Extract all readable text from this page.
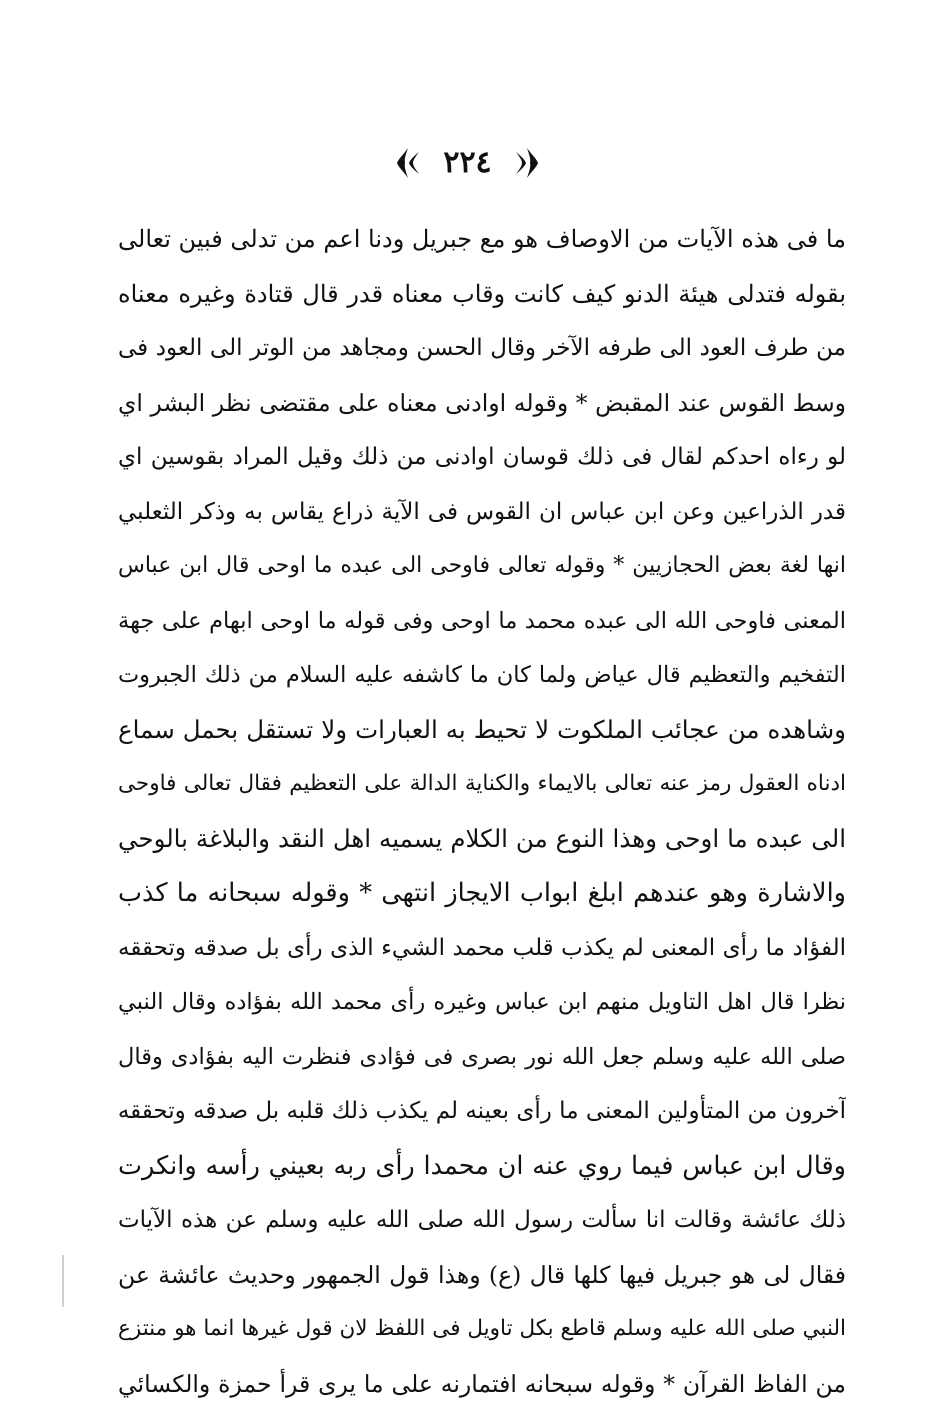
٢٢٤
ما فى هذه الآيات من الاوصاف هو مع جبريل ودنا اعم من تدلى فبين تعالى
بقوله فتدلى هيئة الدنو كيف كانت وقاب معناه قدر قال قتادة وغيره معناه
من طرف العود الى طرفه الآخر وقال الحسن ومجاهد من الوتر الى العود فى
وسط القوس عند المقبض * وقوله اوادنى معناه على مقتضى نظر البشر اي
لو رءاه احدكم لقال فى ذلك قوسان اوادنى من ذلك وقيل المراد بقوسين اي
قدر الذراعين وعن ابن عباس ان القوس فى الآية ذراع يقاس به وذكر الثعلبي
انها لغة بعض الحجازيين * وقوله تعالى فاوحى الى عبده ما اوحى قال ابن عباس
المعنى فاوحى الله الى عبده محمد ما اوحى وفى قوله ما اوحى ابهام على جهة
التفخيم والتعظيم قال عياض ولما كان ما كاشفه عليه السلام من ذلك الجبروت
وشاهده من عجائب الملكوت لا تحيط به العبارات ولا تستقل بحمل سماع
ادناه العقول رمز عنه تعالى بالايماء والكناية الدالة على التعظيم فقال تعالى فاوحى
الى عبده ما اوحى وهذا النوع من الكلام يسميه اهل النقد والبلاغة بالوحي
والاشارة وهو عندهم ابلغ ابواب الايجاز انتهى * وقوله سبحانه ما كذب
الفؤاد ما رأى المعنى لم يكذب قلب محمد الشيء الذى رأى بل صدقه وتحققه
نظرا قال اهل التاويل منهم ابن عباس وغيره رأى محمد الله بفؤاده وقال النبي
صلى الله عليه وسلم جعل الله نور بصرى فى فؤادى فنظرت اليه بفؤادى وقال
آخرون من المتأولين المعنى ما رأى بعينه لم يكذب ذلك قلبه بل صدقه وتحققه
وقال ابن عباس فيما روي عنه ان محمدا رأى ربه بعيني رأسه وانكرت
ذلك عائشة وقالت انا سألت رسول الله صلى الله عليه وسلم عن هذه الآيات
فقال لى هو جبريل فيها كلها قال (ع) وهذا قول الجمهور وحديث عائشة عن
النبي صلى الله عليه وسلم قاطع بكل تاويل فى اللفظ لان قول غيرها انما هو منتزع
من الفاظ القرآن * وقوله سبحانه افتمارنه على ما يرى قرأ حمزة والكسائي
